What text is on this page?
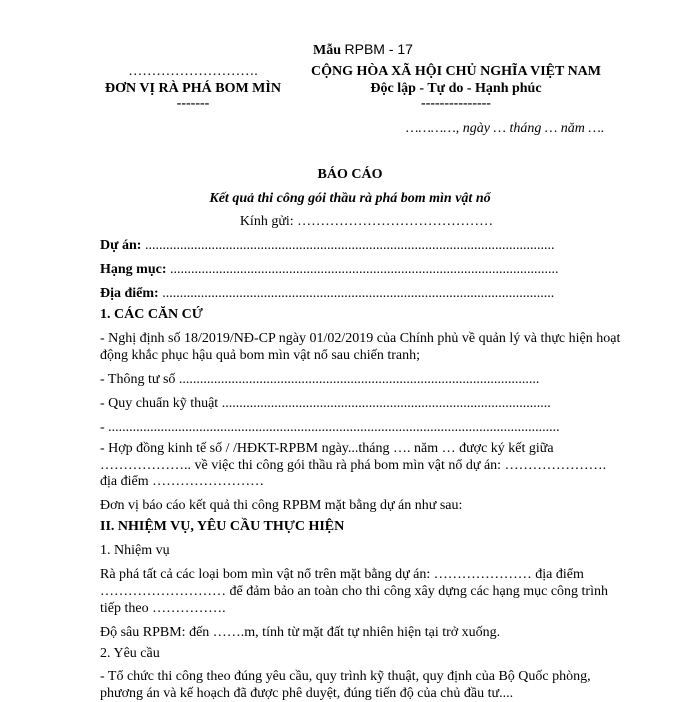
Mẫu RPBM - 17
……………………….
ĐƠN VỊ RÀ PHÁ BOM MÌN
-------
CỘNG HÒA XÃ HỘI CHỦ NGHĨA VIỆT NAM
Độc lập - Tự do - Hạnh phúc
---------------
…………, ngày … tháng … năm ….
BÁO CÁO
Kết quả thi công gói thầu rà phá bom mìn vật nổ
Kính gửi: ……………………………………
Dự án: .....................................................................................................................
Hạng mục: ...............................................................................................................
Địa điểm: ................................................................................................................
1. CÁC CĂN CỨ
- Nghị định số 18/2019/NĐ-CP ngày 01/02/2019 của Chính phủ về quản lý và thực hiện hoạt
động khắc phục hậu quả bom mìn vật nổ sau chiến tranh;
- Thông tư số .......................................................................................................
- Quy chuẩn kỹ thuật ..............................................................................................
- .................................................................................................................................
- Hợp đồng kinh tế số / /HĐKT-RPBM ngày...tháng …. năm … được ký kết giữa
……………….. về việc thi công gói thầu rà phá bom mìn vật nổ dự án: ………………….
địa điểm ……………………
Đơn vị báo cáo kết quả thi công RPBM mặt bằng dự án như sau:
II. NHIỆM VỤ, YÊU CẦU THỰC HIỆN
1. Nhiệm vụ
Rà phá tất cả các loại bom mìn vật nổ trên mặt bằng dự án: ………………… địa điểm
……………………… để đảm bảo an toàn cho thi công xây dựng các hạng mục công trình
tiếp theo …………….
Độ sâu RPBM: đến …….m, tính từ mặt đất tự nhiên hiện tại trở xuống.
2. Yêu cầu
- Tổ chức thi công theo đúng yêu cầu, quy trình kỹ thuật, quy định của Bộ Quốc phòng,
phương án và kế hoạch đã được phê duyệt, đúng tiến độ của chủ đầu tư....
